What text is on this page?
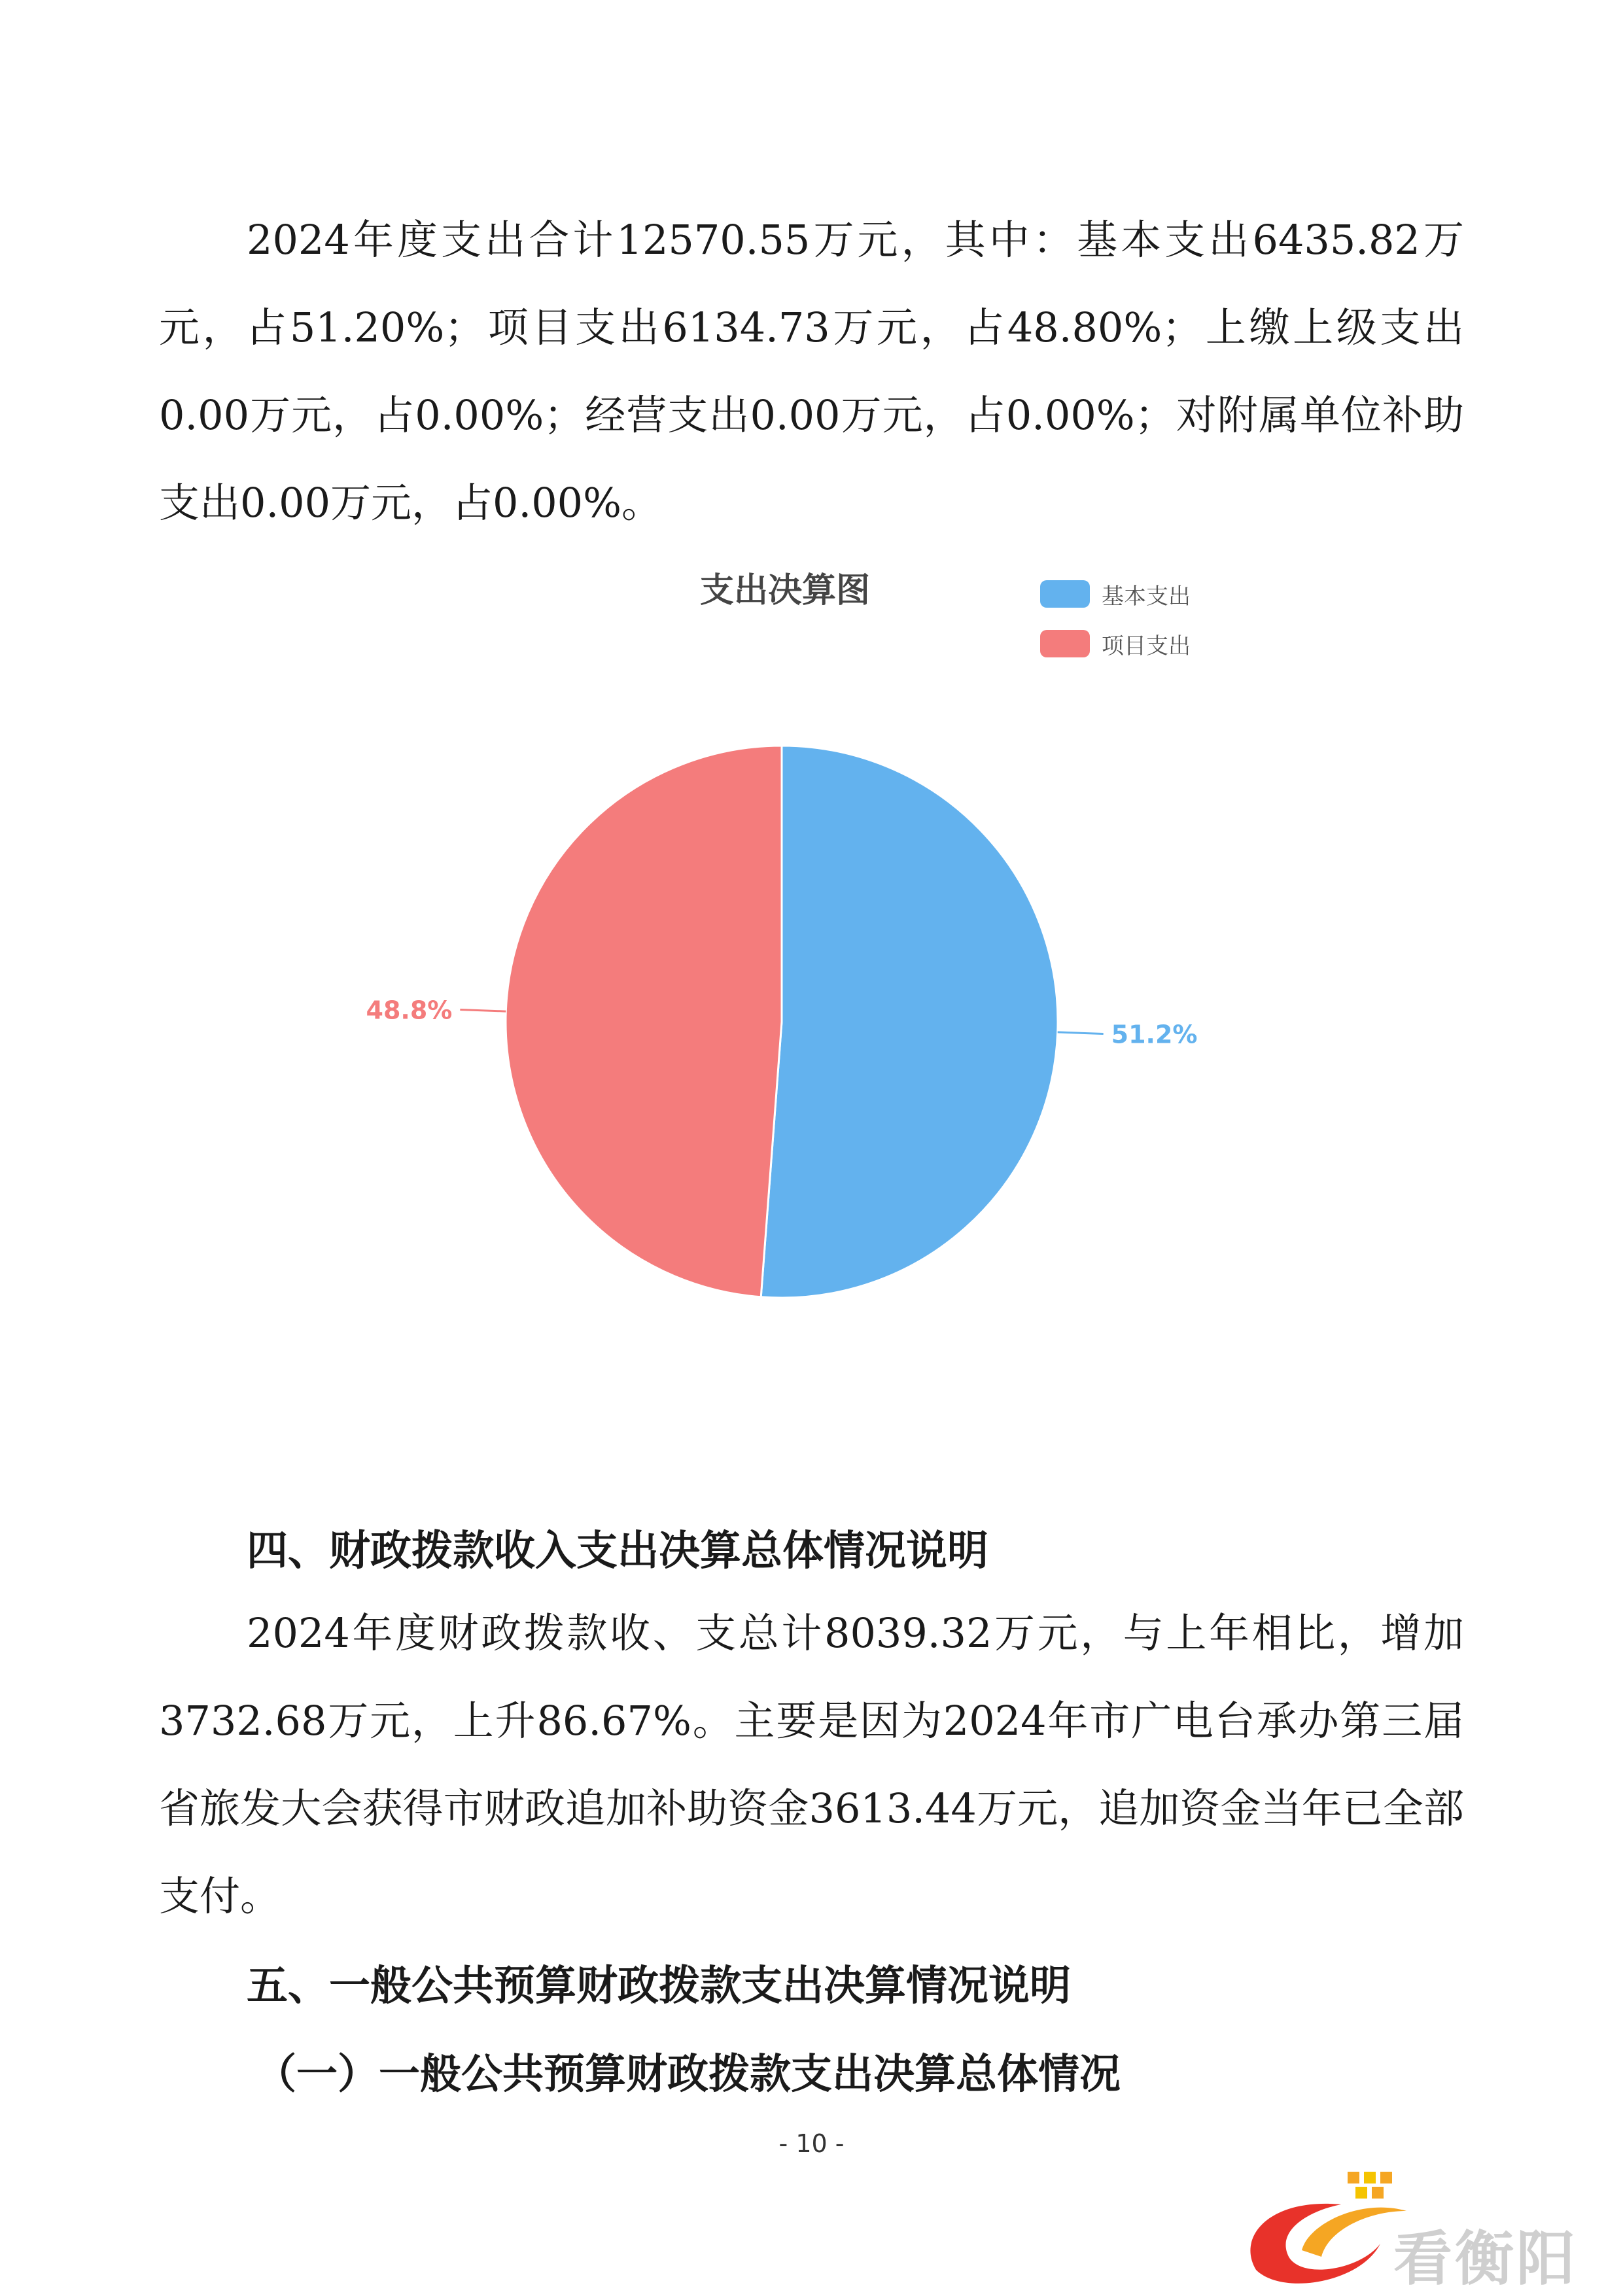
2024年度支出合计12570.55万元，其中：基本支出6435.82万元，占51.20%；项目支出6134.73万元，占48.80%；上缴上级支出0.00万元，占0.00%；经营支出0.00万元，占0.00%；对附属单位补助支出0.00万元，占0.00%。

支出决算图	基本支出
项目支出
51.2%
48.8%

四、财政拨款收入支出决算总体情况说明

2024年度财政拨款收、支总计8039.32万元，与上年相比，增加3732.68万元，上升86.67%。主要是因为2024年市广电台承办第三届省旅发大会获得市财政追加补助资金3613.44万元，追加资金当年已全部支付。

五、一般公共预算财政拨款支出决算情况说明

（一）一般公共预算财政拨款支出决算总体情况

- 10 -
看衡阳
